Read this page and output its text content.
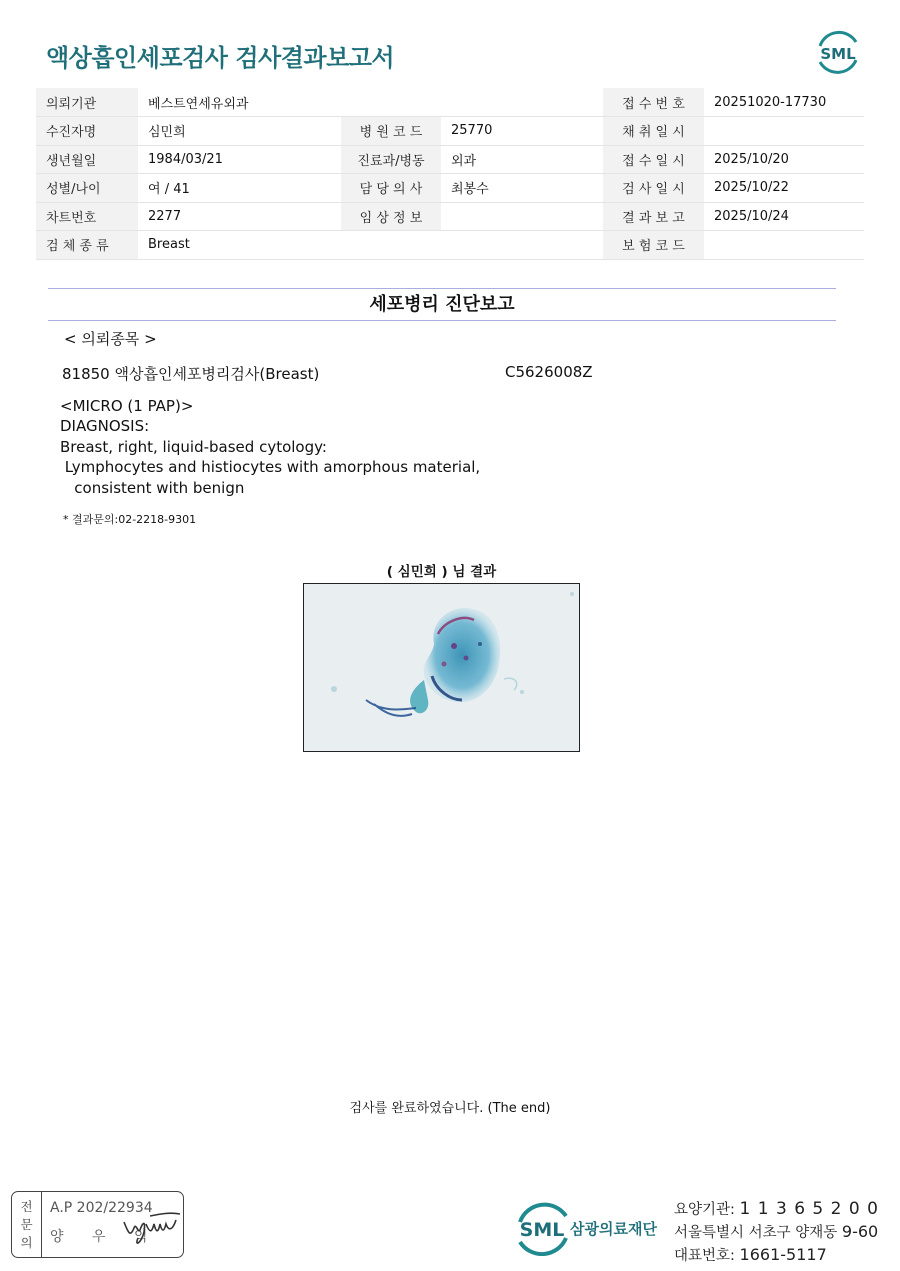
액상흡인세포검사 검사결과보고서	SML
의뢰기관	베스트연세유외과			접 수 번 호	20251020-17730
수진자명	심민희	병 원 코 드	25770	채 취 일 시	
생년월일	1984/03/21	진료과/병동	외과	접 수 일 시	2025/10/20
성별/나이	여 / 41	담 당 의 사	최봉수	검 사 일 시	2025/10/22
차트번호	2277	임 상 정 보		결 과 보 고	2025/10/24
검 체 종 류	Breast			보 험 코 드	
세포병리 진단보고
< 의뢰종목 >
81850 액상흡인세포병리검사(Breast)	C5626008Z
<MICRO (1 PAP)>
DIAGNOSIS:
Breast, right, liquid-based cytology:
Lymphocytes and histiocytes with amorphous material,
consistent with benign
* 결과문의:02-2218-9301
( 심민희 ) 님 결과
검사를 완료하였습니다. (The end)
전
문
의
A.P 202/22934
양 우 익	SML 삼광의료재단
요양기관: 1 1 3 6 5 2 0 0
서울특별시 서초구 양재동 9-60
대표번호: 1661-5117
